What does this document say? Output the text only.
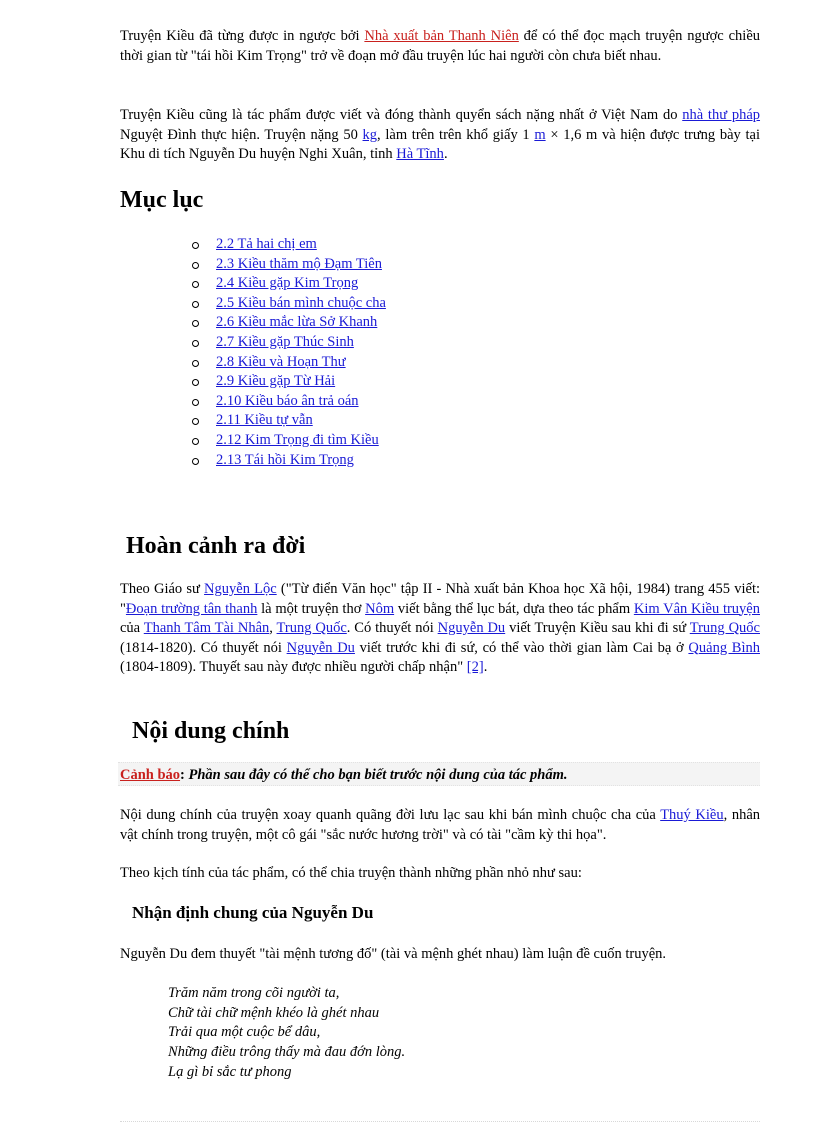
Truyện Kiều đã từng được in ngược bởi Nhà xuất bản Thanh Niên để có thể đọc mạch truyện ngược chiều thời gian từ "tái hồi Kim Trọng" trở về đoạn mở đầu truyện lúc hai người còn chưa biết nhau.

Truyện Kiều cũng là tác phẩm được viết và đóng thành quyển sách nặng nhất ở Việt Nam do nhà thư pháp Nguyệt Đình thực hiện. Truyện nặng 50 kg, làm trên trên khổ giấy 1 m × 1,6 m và hiện được trưng bày tại Khu di tích Nguyễn Du huyện Nghi Xuân, tỉnh Hà Tĩnh.

Mục lục
2.2 Tả hai chị em
2.3 Kiều thăm mộ Đạm Tiên
2.4 Kiều gặp Kim Trọng
2.5 Kiều bán mình chuộc cha
2.6 Kiều mắc lừa Sở Khanh
2.7 Kiều gặp Thúc Sinh
2.8 Kiều và Hoạn Thư
2.9 Kiều gặp Từ Hải
2.10 Kiều báo ân trả oán
2.11 Kiều tự vẫn
2.12 Kim Trọng đi tìm Kiều
2.13 Tái hồi Kim Trọng
Hoàn cảnh ra đời

Theo Giáo sư Nguyễn Lộc ("Từ điển Văn học" tập II - Nhà xuất bản Khoa học Xã hội, 1984) trang 455 viết: "Đoạn trường tân thanh là một truyện thơ Nôm viết bằng thể lục bát, dựa theo tác phẩm Kim Vân Kiều truyện của Thanh Tâm Tài Nhân, Trung Quốc. Có thuyết nói Nguyễn Du viết Truyện Kiều sau khi đi sứ Trung Quốc (1814-1820). Có thuyết nói Nguyễn Du viết trước khi đi sứ, có thể vào thời gian làm Cai bạ ở Quảng Bình (1804-1809). Thuyết sau này được nhiều người chấp nhận" [2].

Nội dung chính
Cảnh báo: Phần sau đây có thể cho bạn biết trước nội dung của tác phẩm.

Nội dung chính của truyện xoay quanh quãng đời lưu lạc sau khi bán mình chuộc cha của Thuý Kiều, nhân vật chính trong truyện, một cô gái "sắc nước hương trời" và có tài "cầm kỳ thi họa".

Theo kịch tính của tác phẩm, có thể chia truyện thành những phần nhỏ như sau:

Nhận định chung của Nguyễn Du

Nguyễn Du đem thuyết "tài mệnh tương đố" (tài và mệnh ghét nhau) làm luận đề cuốn truyện.

Trăm năm trong cõi người ta,
Chữ tài chữ mệnh khéo là ghét nhau
Trải qua một cuộc bể dâu,
Những điều trông thấy mà đau đớn lòng.
Lạ gì bỉ sắc tư phong
